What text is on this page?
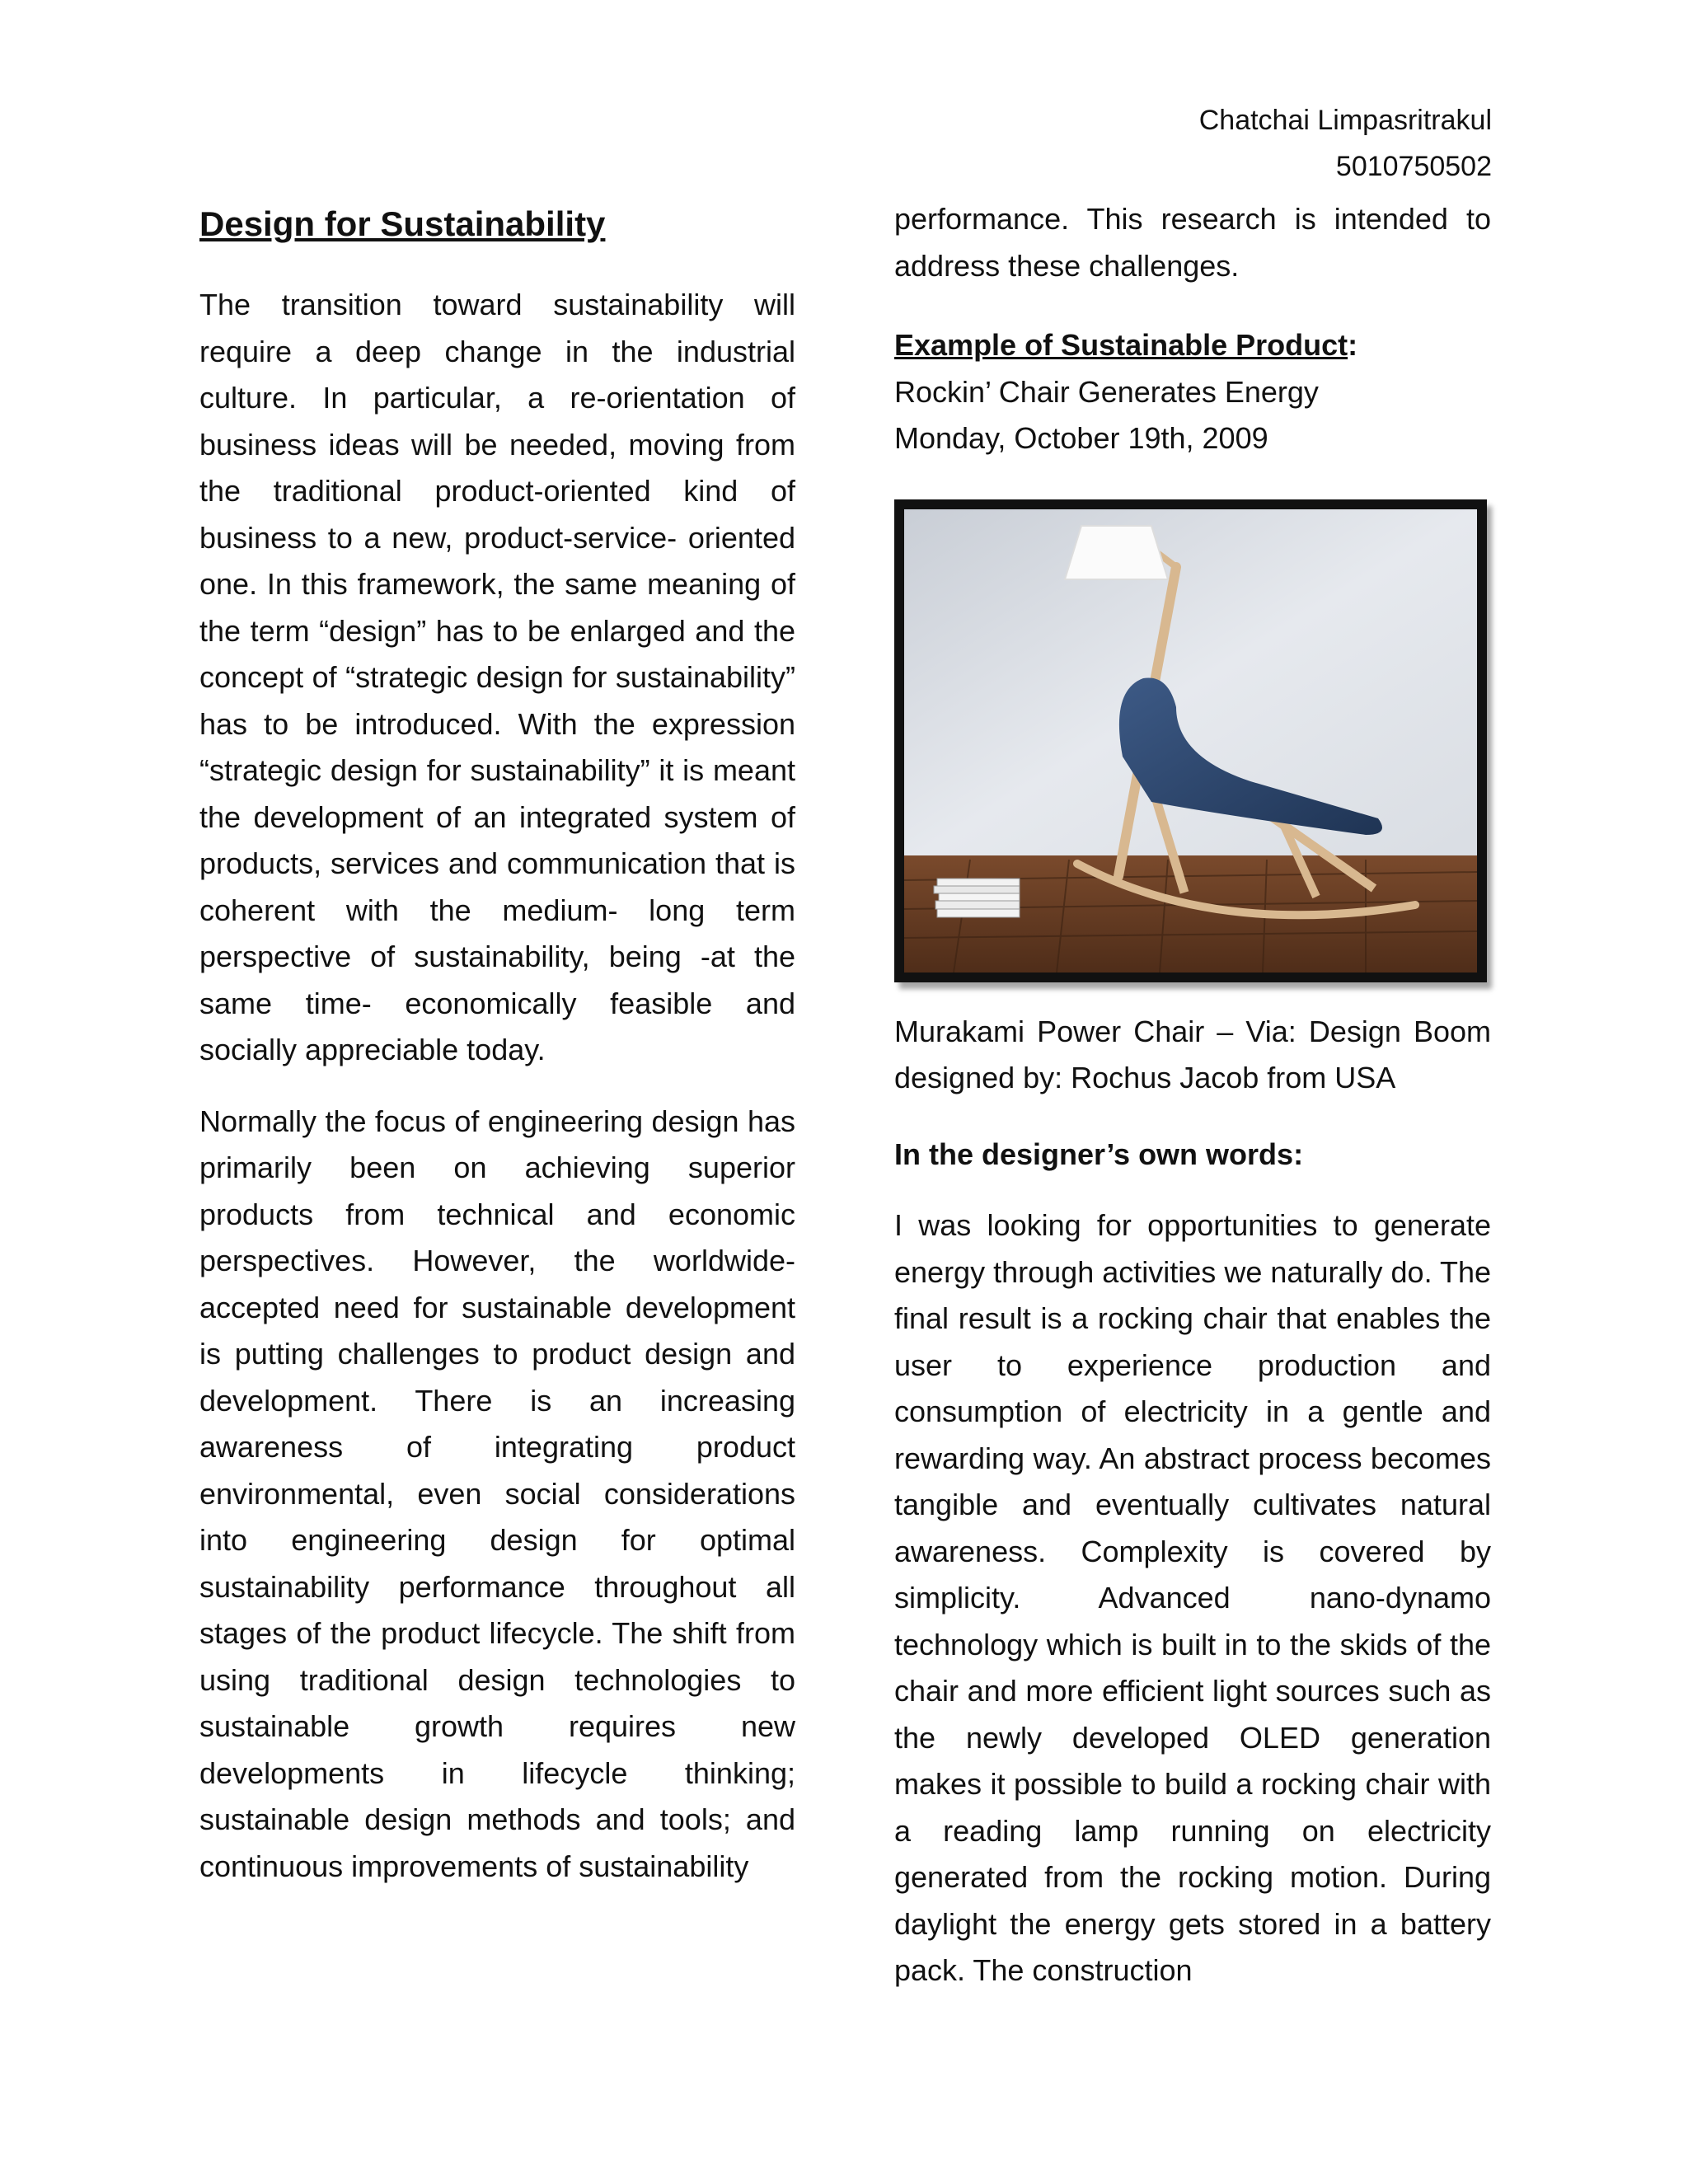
Chatchai Limpasritrakul
5010750502
Design for Sustainability

The transition toward sustainability will require a deep change in the industrial culture. In particular, a re-orientation of business ideas will be needed, moving from the traditional product-oriented kind of business to a new, product-service- oriented one. In this framework, the same meaning of the term “design” has to be enlarged and the concept of “strategic design for sustainability” has to be introduced. With the expression “strategic design for sustainability” it is meant the development of an integrated system of products, services and communication that is coherent with the medium- long term perspective of sustainability, being -at the same time- economically feasible and socially appreciable today.

Normally the focus of engineering design has primarily been on achieving superior products from technical and economic perspectives. However, the worldwide-accepted need for sustainable development is putting challenges to product design and development. There is an increasing awareness of integrating product environmental, even social considerations into engineering design for optimal sustainability performance throughout all stages of the product lifecycle. The shift from using traditional design technologies to sustainable growth requires new developments in lifecycle thinking; sustainable design methods and tools; and continuous improvements of sustainability

performance. This research is intended to address these challenges.

Example of Sustainable Product:
Rockin’ Chair Generates Energy
Monday, October 19th, 2009

Murakami Power Chair – Via: Design Boom designed by: Rochus Jacob from USA

In the designer’s own words:

I was looking for opportunities to generate energy through activities we naturally do. The final result is a rocking chair that enables the user to experience production and consumption of electricity in a gentle and rewarding way. An abstract process becomes tangible and eventually cultivates natural awareness. Complexity is covered by simplicity. Advanced nano-dynamo technology which is built in to the skids of the chair and more efficient light sources such as the newly developed OLED generation makes it possible to build a rocking chair with a reading lamp running on electricity generated from the rocking motion. During daylight the energy gets stored in a battery pack. The construction
